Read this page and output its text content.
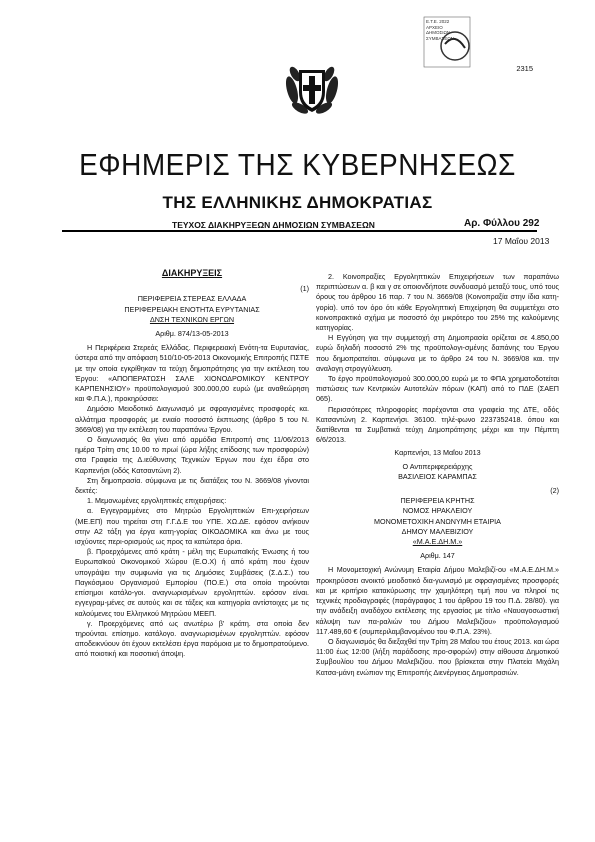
Ε.Τ.Ε. 2022
ΑΡΧΕΙΟ
ΔΗΜΟΣΙΩΝ
ΣΥΜΒΑΣΕΩΝ
2315
ΕΦΗΜΕΡΙΣ ΤΗΣ ΚΥΒΕΡΝΗΣΕΩΣ
ΤΗΣ ΕΛΛΗΝΙΚΗΣ ΔΗΜΟΚΡΑΤΙΑΣ
ΤΕΥΧΟΣ ΔΙΑΚΗΡΥΞΕΩΝ ΔΗΜΟΣΙΩΝ ΣΥΜΒΑΣΕΩΝ	Αρ. Φύλλου 292
17 Μαΐου 2013
ΔΙΑΚΗΡΥΞΕΙΣ

(1)

ΠΕΡΙΦΕΡΕΙΑ ΣΤΕΡΕΑΣ ΕΛΛΑΔΑ

ΠΕΡΙΦΕΡΕΙΑΚΗ ΕΝΟΤΗΤΑ ΕΥΡΥΤΑΝΙΑΣ

ΔΝΣΗ ΤΕΧΝΙΚΩΝ ΕΡΓΩΝ

Αριθμ. 874/13-05-2013

Η Περιφέρεια Στερεάς Ελλάδας. Περιφερειακή Ενότη-τα Ευρυτανίας, ύστερα από την απόφαση 510/10-05-2013 Οικονομικής Επιτροπής ΠΣΤΕ με την οποία εγκρίθηκαν τα τεύχη δημοπράτησης για την εκτέλεση του Έργου: «ΑΠΟΠΕΡΑΤΩΣΗ ΣΑΛΕ ΧΙΟΝΟΔΡΟΜΙΚΟΥ ΚΕΝΤΡΟΥ ΚΑΡΠΕΝΗΣΙΟΥ» προϋπολογισμού 300.000,00 ευρώ (με αναθεώρηση και Φ.Π.Α.), προκηρύσσει:

Δημόσιο Μειοδοτικό Διαγωνισμό με σφραγισμένες προσφορές κα. αλλάτημα προσφοράς με ενιαίο ποσοστό έκπτωσης (άρθρο 5 του Ν. 3669/08) για την εκτέλεση του παραπάνω Έργου.

Ο διαγωνισμός θα γίνει από αρμόδια Επιτροπή στις 11/06/2013 ημέρα Τρίτη στις 10.00 το πρωί (ώρα λήξης επίδοσης των προσφορών) στα Γραφεία της Δ.ιεύθυνσης Τεχνικών Έργων που έχει έδρα στο Καρπενήσι (οδός Κατσαντώνη 2).

Στη δημοπρασία. σύμφωνα με τις διατάξεις του Ν. 3669/08 γίνονται δεκτές:

1. Μεμονωμένες εργοληπτικές επιχειρήσεις:

α. Εγγεγραμμένες στο Μητρώο Εργοληπτικών Επι-χειρήσεων (ΜΕ.ΕΠ) που τηρείται στη Γ.Γ.Δ.Ε του ΥΠΕ. ΧΩ.ΔΕ. εφόσον ανήκουν στην Α2 τάξη για έργα κατη-γορίας ΟΙΚΟΔΟΜΙΚΑ και άνω με τους ισχύοντες περι-ορισμούς ως προς τα κατώτερα όρια.

β. Προερχόμενες από κράτη - μέλη της Ευρωπαϊκής Ένωσης ή του Ευρωπαϊκού Οικονομικού Χώρου (Ε.Ο.Χ) ή από κράτη που έχουν υπογράψει την συμφωνία για τις Δημόσιες Συμβάσεις (Σ.Δ.Σ.) του Παγκόσμιου Οργανισμού Εμπορίου (ΠΟ.Ε.) στα οποία τηρούνται επίσημοι κατάλο-γοι. αναγνωρισμένων εργοληπτών. εφόσον είναι. εγγεγραμ-μένες σε αυτούς και σε τάξεις και κατηγορία αντίστοιχες με τις καλούμενες του Ελληνικού Μητρώου ΜΕΕΠ.

γ. Προερχόμενες από ως ανωτέρω β' κράτη. στα οποία δεν τηρούνται. επίσημο. κατάλογο. αναγνωρισμένων εργοληπτών. εφόσον αποδεικνύουν ότι έχουν εκτελέσει έργα παρόμοια με το δημοπρατούμενο. από ποιοτική και ποσοτική άποψη.

2. Κοινοπραξίες Εργοληπτικών Επιχειρήσεων των παραπάνω περιπτώσεων α. β και γ σε οποιονδήποτε συνδυασμό μεταξύ τους, υπό τους όρους του άρθρου 16 παρ. 7 του Ν. 3669/08 (Κοινοπραξία στην ίδια κατη-γορία). υπό τον όρο ότι κάθε Εργοληπτική Επιχείρηση θα συμμετέχει στο κοινοπρακτικό σχήμα με ποσοστό όχι μικρότερο του 25% της καλούμενης κατηγορίας.

Η Εγγύηση για την συμμετοχή στη Δημοπρασία ορίζεται σε 4.850,00 ευρώ δηλαδή ποσοστό 2% της προϋπολογι-σμένης δαπάνης του Έργου που δημοπρατείται. σύμφωνα με το άρθρο 24 του Ν. 3669/08 και. την αναλογη στρογγύλευση.

Το έργο προϋπολογισμού 300.000,00 ευρώ με το ΦΠΑ χρηματοδοτείται πιστώσεις των Κεντρικών Αυτοτελών πόρων (ΚΑΠ) από το ΠΔΕ (ΣΑΕΠ 065).

Περισσότερες πληροφορίες παρέχονται στα γραφεία της ΔΤΕ, οδός Κατσαντώνη 2. Καρπενήσι. 36100. τηλέ-φωνο 2237352418. όπου και διατίθενται τα Συμβατικά τεύχη Δημοπράτησης μέχρι και την Πέμπτη 6/6/2013.

Καρπενήσι, 13 Μαΐου 2013

Ο Αντιπεριφερειάρχης

ΒΑΣΙΛΕΙΟΣ ΚΑΡΑΜΠΑΣ

(2)

ΠΕΡΙΦΕΡΕΙΑ ΚΡΗΤΗΣ

ΝΟΜΟΣ ΗΡΑΚΛΕΙΟΥ

ΜΟΝΟΜΕΤΟΧΙΚΗ ΑΝΩΝΥΜΗ ΕΤΑΙΡΙΑ

ΔΗΜΟΥ ΜΑΛΕΒΙΖΙΟΥ

«Μ.Α.Ε.ΔΗ.Μ.»

Αριθμ. 147

Η Μονομετοχική Ανώνυμη Εταιρία Δήμου Μαλεβιζί-ου «Μ.Α.Ε.ΔΗ.Μ.» προκηρύσσει ανοικτό μειοδοτικό δια-γωνισμό με σφραγισμένες προσφορές και με κριτήριο κατακύρωσης την χαμηλότερη τιμή που να πληροί τις τεχνικές προδιαγραφές (παράγραφος 1 του άρθρου 19 του Π.Δ. 28/80). για την ανάδειξη αναδόχου εκτέλεσης της εργασίας με τίτλο «Ναυαγοσωστική κάλυψη των πα-ραλιών του Δήμου Μαλεβιζίου» προϋπολογισμού 117.489,60 € (συμπεριλαμβανομένου του Φ.Π.Α. 23%).

Ο διαγωνισμός θα διεξαχθεί την Τρίτη 28 Μαΐου του έτους 2013. και ώρα 11:00 έως 12:00 (λήξη παράδοσης προ-σφορών) στην αίθουσα Δημοτικού Συμβουλίου του Δήμου Μαλεβιζίου. που βρίσκεται στην Πλατεία Μιχάλη Κατσα-μάνη ενώπιον της Επιτροπής Διενέργειας Δημοπρασιών.
